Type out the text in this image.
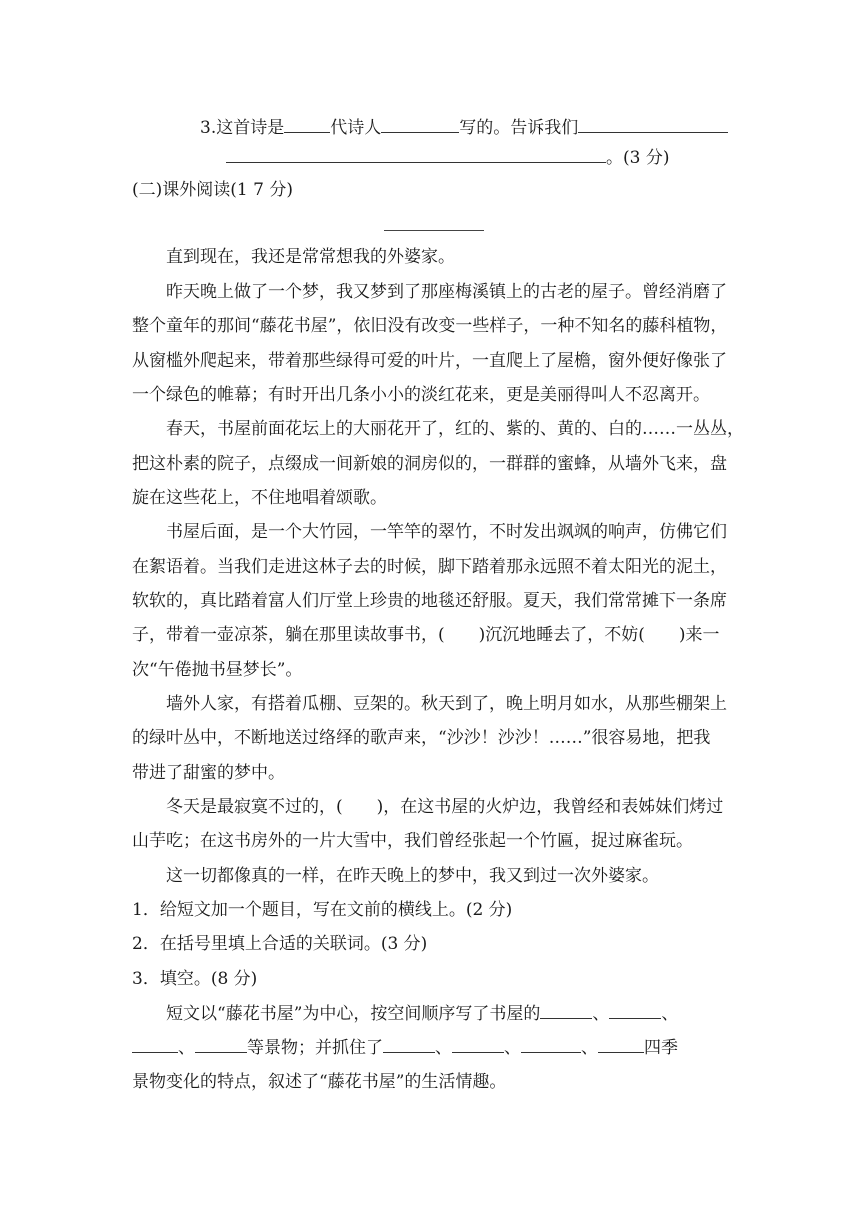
3.这首诗是	代诗人	写的。告诉我们
。(3 分)
(二)课外阅读(1 7 分)
直到现在，我还是常常想我的外婆家。
昨天晚上做了一个梦，我又梦到了那座梅溪镇上的古老的屋子。曾经消磨了
整个童年的那间“藤花书屋”，依旧没有改变一些样子，一种不知名的藤科植物，
从窗槛外爬起来，带着那些绿得可爱的叶片，一直爬上了屋檐，窗外便好像张了
一个绿色的帷幕；有时开出几条小小的淡红花来，更是美丽得叫人不忍离开。
春天，书屋前面花坛上的大丽花开了，红的、紫的、黄的、白的……一丛丛，
把这朴素的院子，点缀成一间新娘的洞房似的，一群群的蜜蜂，从墙外飞来，盘
旋在这些花上，不住地唱着颂歌。
书屋后面，是一个大竹园，一竿竿的翠竹，不时发出飒飒的响声，仿佛它们
在絮语着。当我们走进这林子去的时候，脚下踏着那永远照不着太阳光的泥土，
软软的，真比踏着富人们厅堂上珍贵的地毯还舒服。夏天，我们常常摊下一条席
子，带着一壶凉茶，躺在那里读故事书，(　　)沉沉地睡去了，不妨(　　)来一
次“午倦抛书昼梦长”。
墙外人家，有搭着瓜棚、豆架的。秋天到了，晚上明月如水，从那些棚架上
的绿叶丛中，不断地送过络绎的歌声来，“沙沙！沙沙！……”很容易地，把我
带进了甜蜜的梦中。
冬天是最寂寞不过的，(　　)，在这书屋的火炉边，我曾经和表姊妹们烤过
山芋吃；在这书房外的一片大雪中，我们曾经张起一个竹匾，捉过麻雀玩。
这一切都像真的一样，在昨天晚上的梦中，我又到过一次外婆家。
1．给短文加一个题目，写在文前的横线上。(2 分)
2．在括号里填上合适的关联词。(3 分)
3．填空。(8 分)
短文以“藤花书屋”为中心，按空间顺序写了书屋的	、	、
、	等景物；并抓住了	、	、	、	四季
景物变化的特点，叙述了“藤花书屋”的生活情趣。
